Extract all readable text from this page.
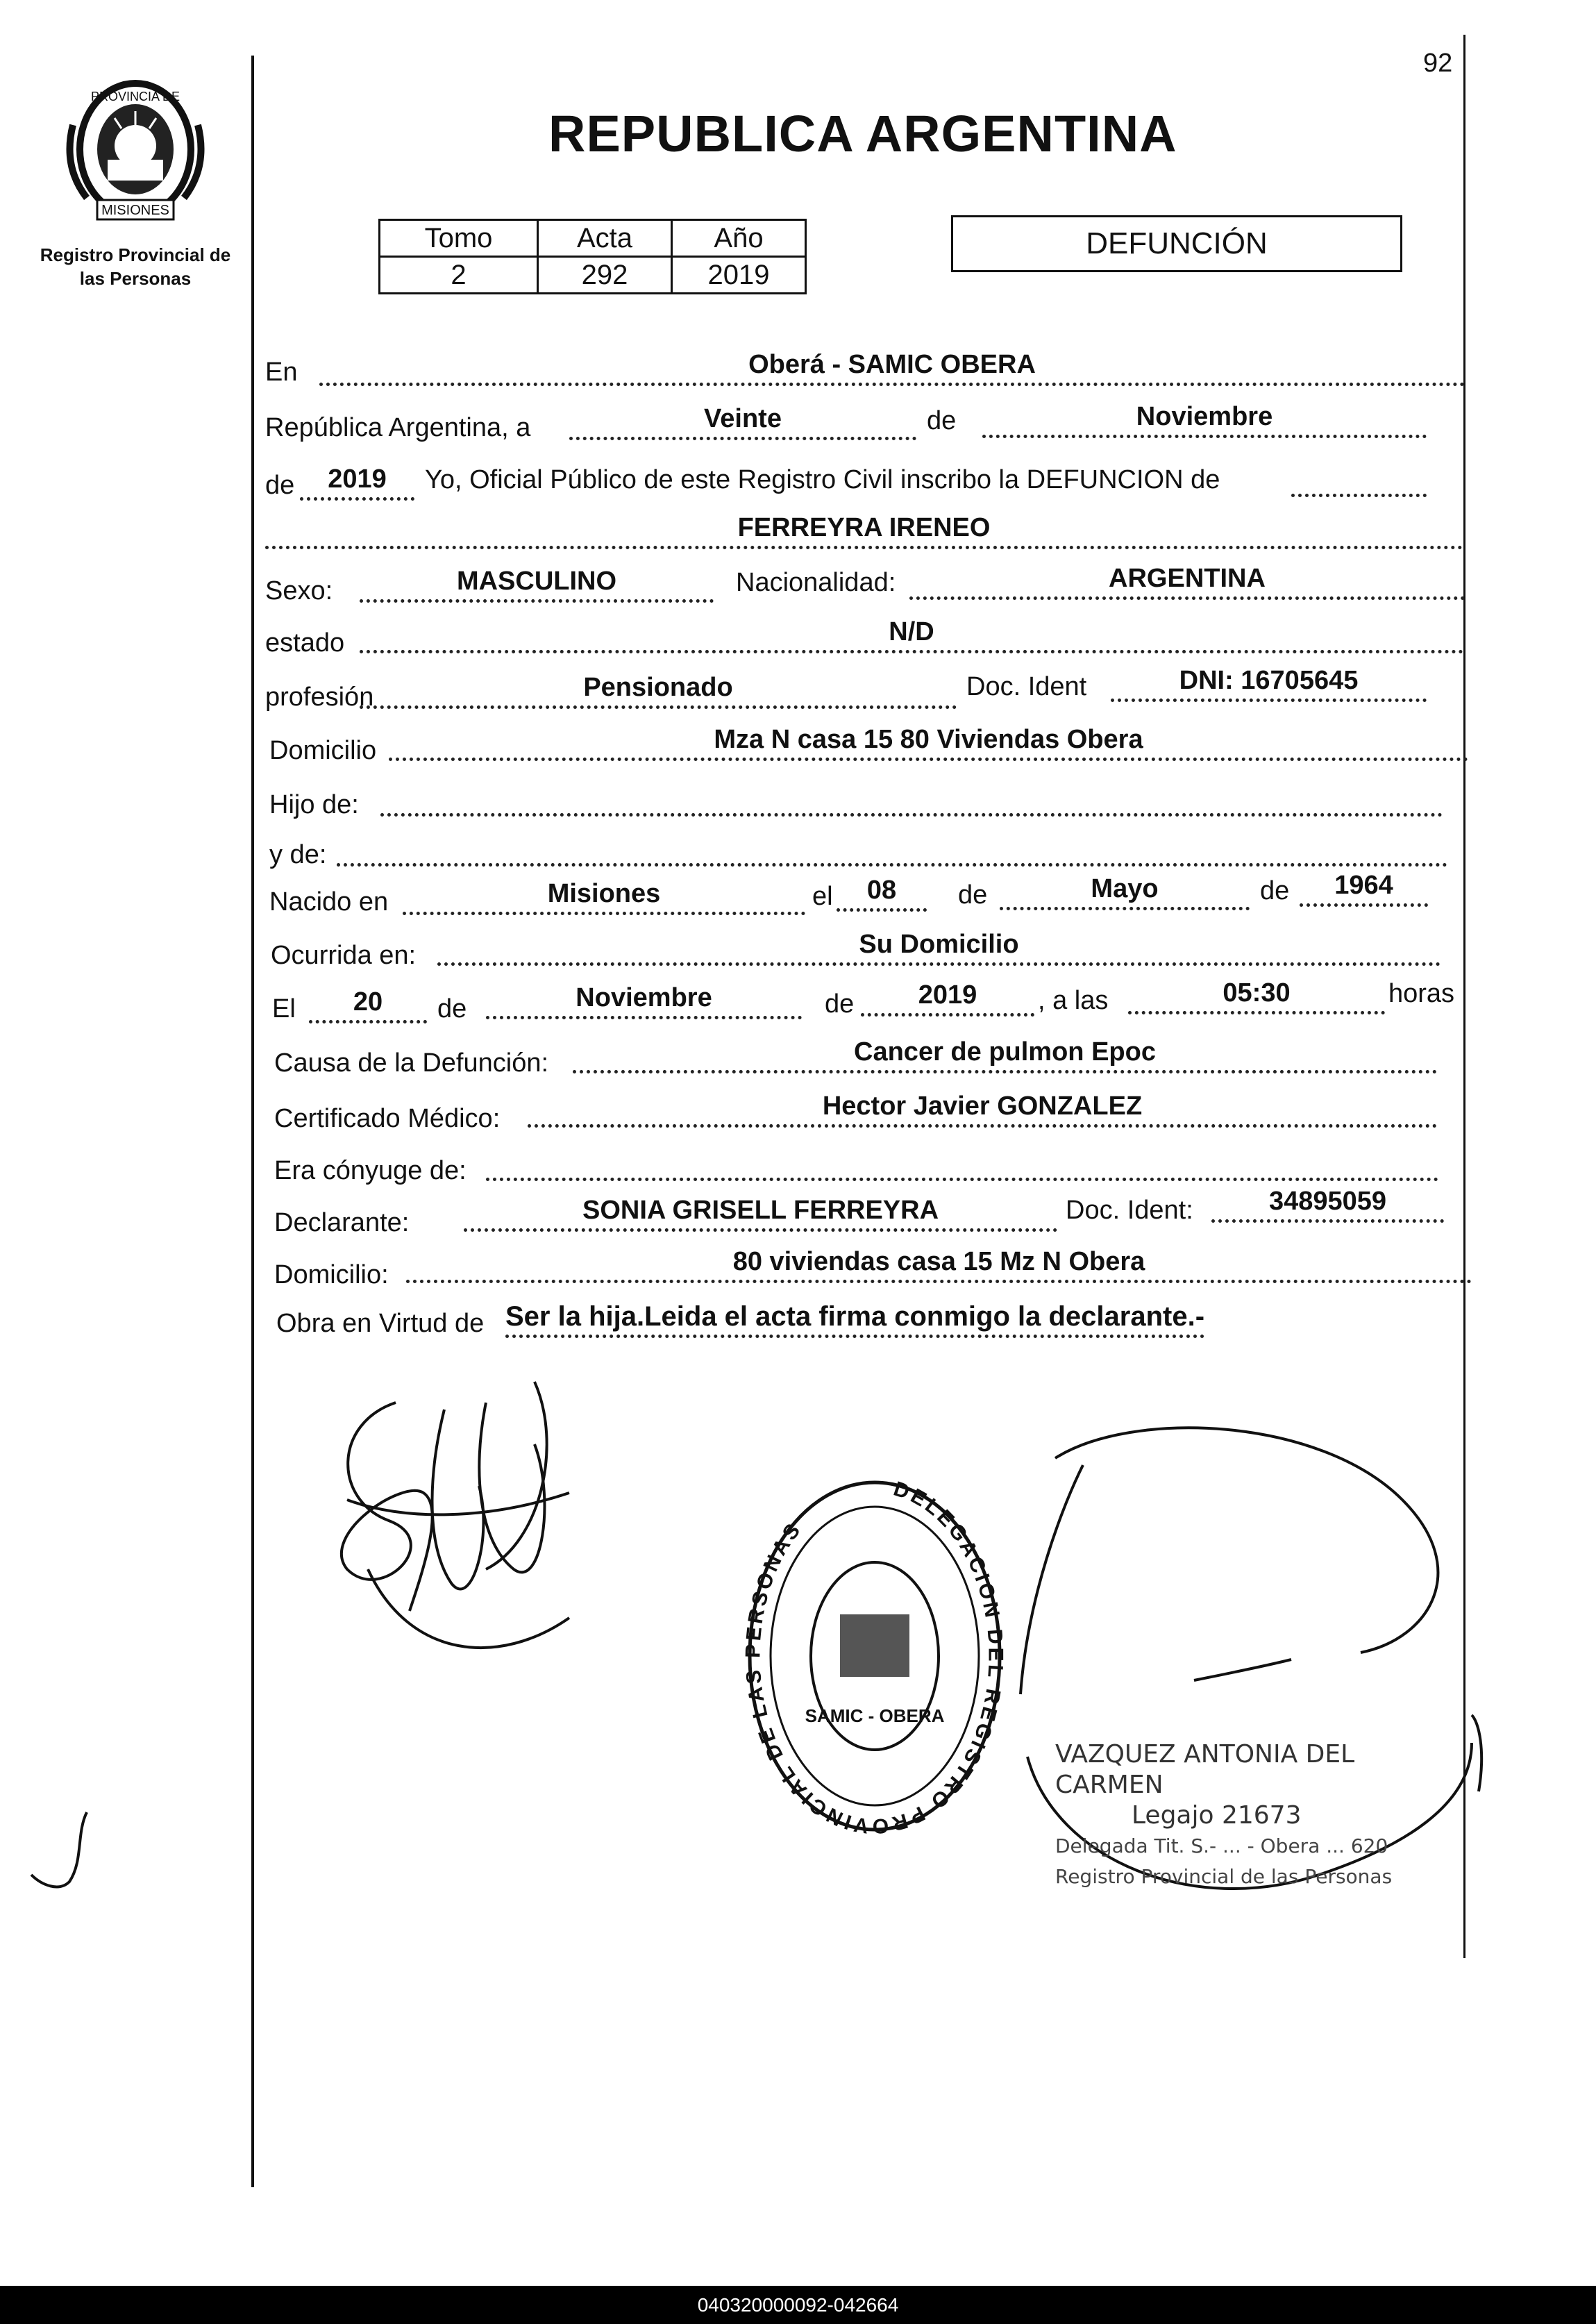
92
PROVINCIA DE
MISIONES
Registro Provincial de
las Personas
REPUBLICA ARGENTINA
Tomo	Acta	Año
2	292	2019
DEFUNCIÓN
En	Oberá - SAMIC OBERA
República Argentina, a	Veinte	de	Noviembre
de	2019	Yo, Oficial Público de este Registro Civil inscribo la DEFUNCION de
FERREYRA IRENEO
Sexo:	MASCULINO	Nacionalidad:	ARGENTINA
estado	N/D
profesión	Pensionado	Doc. Ident	DNI: 16705645
Domicilio	Mza N casa 15 80 Viviendas Obera
Hijo de:
y de:
Nacido en	Misiones	el	08	de	Mayo	de	1964
Ocurrida en:	Su Domicilio
El	20	de	Noviembre	de	2019	, a las	05:30	horas
Causa de la Defunción:	Cancer de pulmon Epoc
Certificado Médico:	Hector Javier GONZALEZ
Era cónyuge de:
Declarante:	SONIA GRISELL FERREYRA	Doc. Ident:	34895059
Domicilio:	80 viviendas casa 15 Mz N Obera
Obra en Virtud de Ser la hija.Leida el acta firma conmigo la declarante.-
DELEGACION DEL REGISTRO PROVINCIAL DE LAS PERSONAS
SAMIC - OBERA
VAZQUEZ ANTONIA DEL CARMEN
Legajo 21673
Delegada Tit. S.- ... - Obera ... 620
Registro Provincial de las Personas
040320000092-042664
